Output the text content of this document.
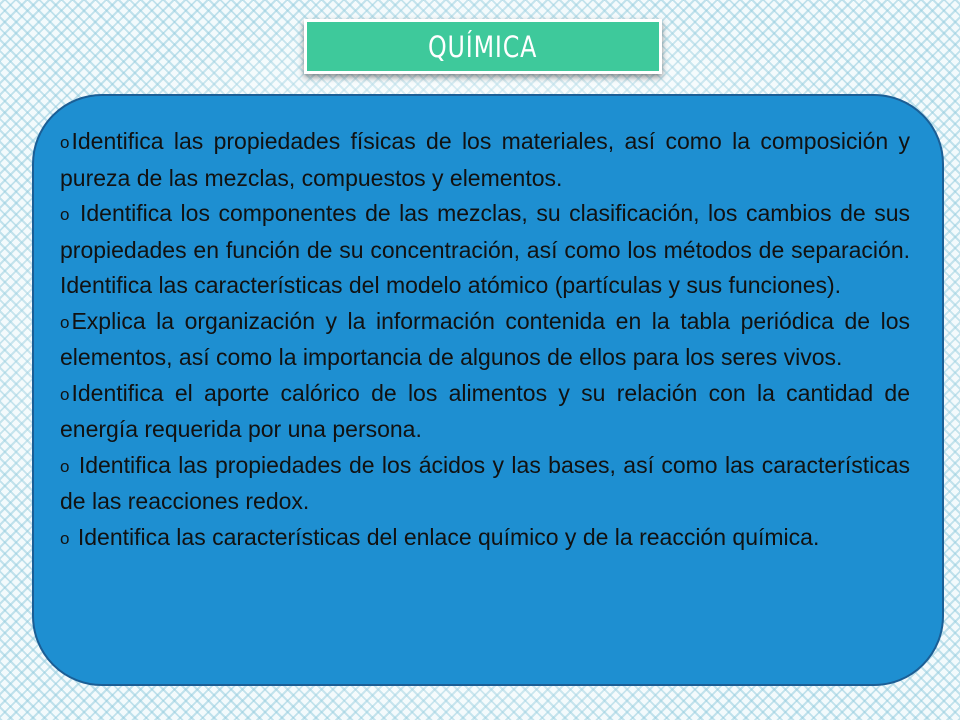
QUÍMICA
oIdentifica las propiedades físicas de los materiales, así como la composición y pureza de las mezclas, compuestos y elementos.
o Identifica los componentes de las mezclas, su clasificación, los cambios de sus propiedades en función de su concentración, así como los métodos de separación. Identifica las características del modelo atómico (partículas y sus funciones).
oExplica la organización y la información contenida en la tabla periódica de los elementos, así como la importancia de algunos de ellos para los seres vivos.
oIdentifica el aporte calórico de los alimentos y su relación con la cantidad de energía requerida por una persona.
o Identifica las propiedades de los ácidos y las bases, así como las características de las reacciones redox.
o Identifica las características del enlace químico y de la reacción química.
